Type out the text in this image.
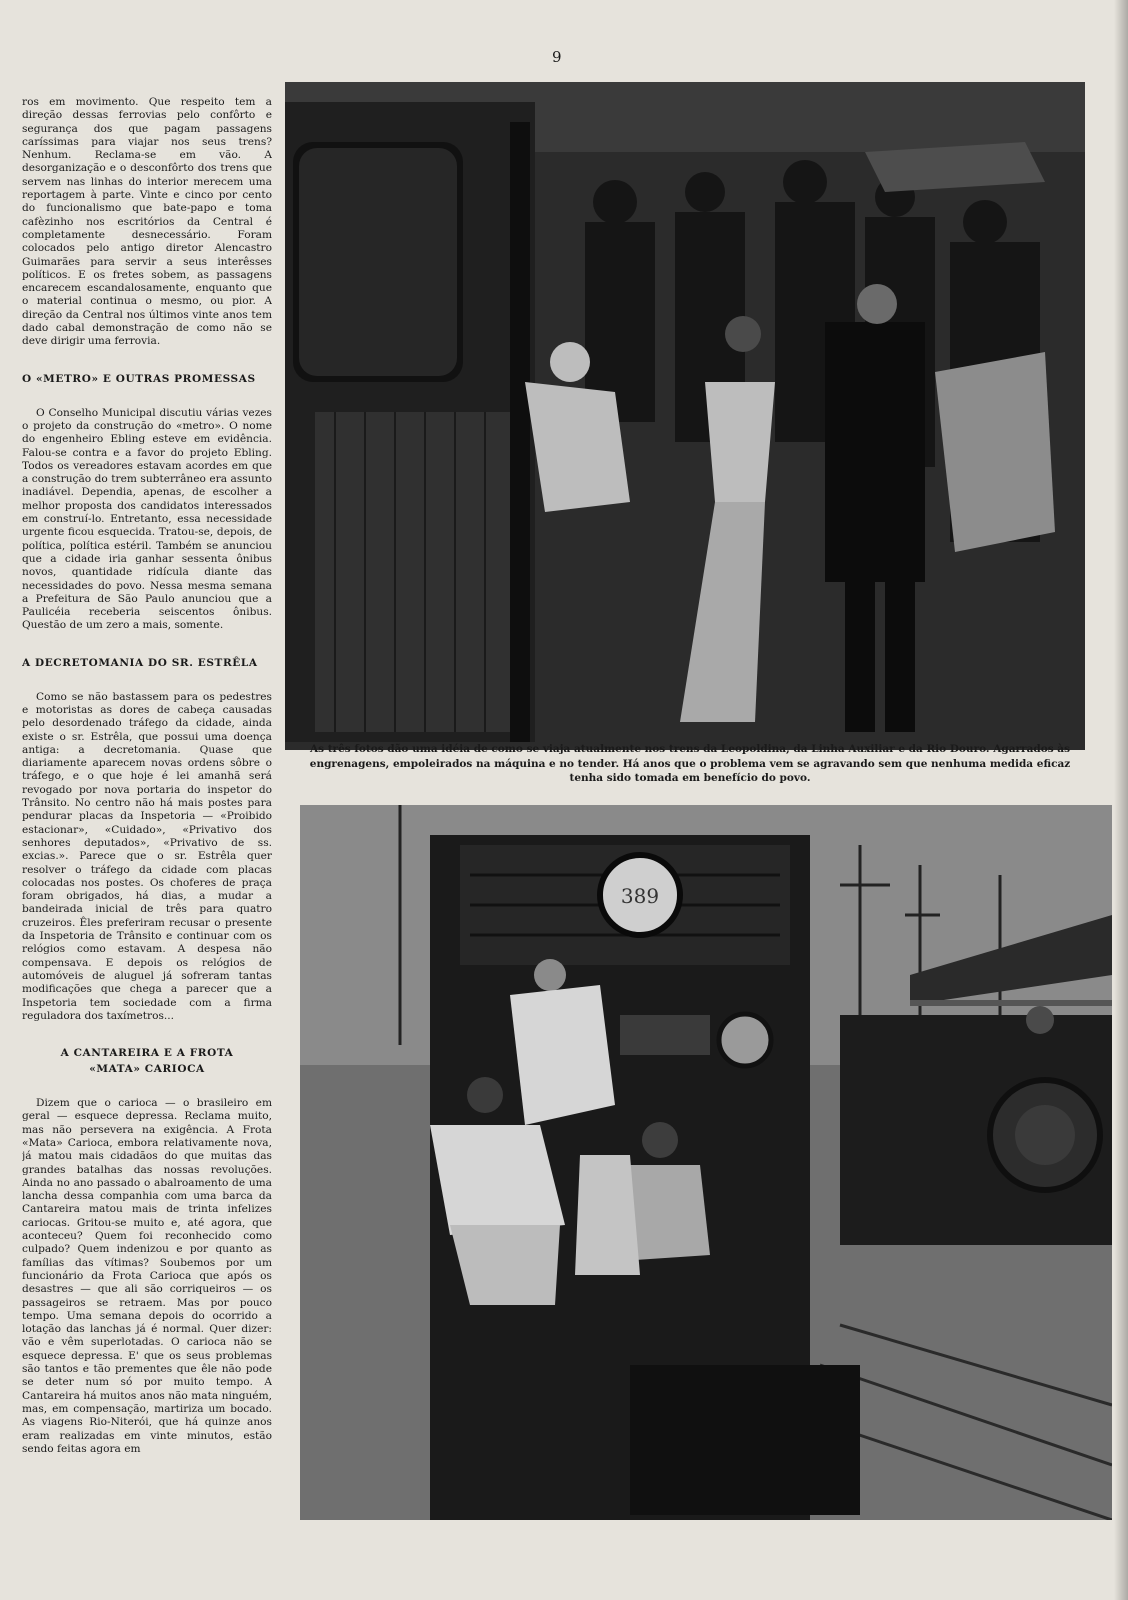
9

ros em movimento. Que respeito tem a direção dessas ferrovias pelo confôrto e segurança dos que pagam passagens caríssimas para viajar nos seus trens? Nenhum. Reclama-se em vão. A desorganização e o desconfôrto dos trens que servem nas linhas do interior merecem uma reportagem à parte. Vinte e cinco por cento do funcionalismo que bate-papo e toma cafèzinho nos escritórios da Central é completamente desnecessário. Foram colocados pelo antigo diretor Alencastro Guimarães para servir a seus interêsses políticos. E os fretes sobem, as passagens encarecem escandalosamente, enquanto que o material continua o mesmo, ou pior. A direção da Central nos últimos vinte anos tem dado cabal demonstração de como não se deve dirigir uma ferrovia.

O «METRO» E OUTRAS PROMESSAS

O Conselho Municipal discutiu várias vezes o projeto da construção do «metro». O nome do engenheiro Ebling esteve em evidência. Falou-se contra e a favor do projeto Ebling. Todos os vereadores estavam acordes em que a construção do trem subterrâneo era assunto inadiável. Dependia, apenas, de escolher a melhor proposta dos candidatos interessados em construí-lo. Entretanto, essa necessidade urgente ficou esquecida. Tratou-se, depois, de política, política estéril. Também se anunciou que a cidade iria ganhar sessenta ônibus novos, quantidade ridícula diante das necessidades do povo. Nessa mesma semana a Prefeitura de São Paulo anunciou que a Paulicéia receberia seiscentos ônibus. Questão de um zero a mais, somente.

A DECRETOMANIA DO SR. ESTRÊLA

Como se não bastassem para os pedestres e motoristas as dores de cabeça causadas pelo desordenado tráfego da cidade, ainda existe o sr. Estrêla, que possui uma doença antiga: a decretomania. Quase que diariamente aparecem novas ordens sôbre o tráfego, e o que hoje é lei amanhã será revogado por nova portaria do inspetor do Trânsito. No centro não há mais postes para pendurar placas da Inspetoria — «Proibido estacionar», «Cuidado», «Privativo dos senhores deputados», «Privativo de ss. excias.». Parece que o sr. Estrêla quer resolver o tráfego da cidade com placas colocadas nos postes. Os choferes de praça foram obrigados, há dias, a mudar a bandeirada inicial de três para quatro cruzeiros. Êles preferiram recusar o presente da Inspetoria de Trânsito e continuar com os relógios como estavam. A despesa não compensava. E depois os relógios de automóveis de aluguel já sofreram tantas modificações que chega a parecer que a Inspetoria tem sociedade com a firma reguladora dos taxímetros...

A CANTAREIRA E A FROTA
«MATA» CARIOCA

Dizem que o carioca — o brasileiro em geral — esquece depressa. Reclama muito, mas não persevera na exigência. A Frota «Mata» Carioca, embora relativamente nova, já matou mais cidadãos do que muitas das grandes batalhas das nossas revoluções. Ainda no ano passado o abalroamento de uma lancha dessa companhia com uma barca da Cantareira matou mais de trinta infelizes cariocas. Gritou-se muito e, até agora, que aconteceu? Quem foi reconhecido como culpado? Quem indenizou e por quanto as famílias das vítimas? Soubemos por um funcionário da Frota Carioca que após os desastres — que ali são corriqueiros — os passageiros se retraem. Mas por pouco tempo. Uma semana depois do ocorrido a lotação das lanchas já é normal. Quer dizer: vão e vêm superlotadas. O carioca não se esquece depressa. E' que os seus problemas são tantos e tão prementes que êle não pode se deter num só por muito tempo. A Cantareira há muitos anos não mata ninguém, mas, em compensação, martiriza um bocado. As viagens Rio-Niterói, que há quinze anos eram realizadas em vinte minutos, estão sendo feitas agora em

As três fotos dão uma idéia de como se viaja atualmente nos trens da Leopoldina, da Linha Auxiliar e da Rio Douro. Agarrados às engrenagens, empoleirados na máquina e no tender. Há anos que o problema vem se agravando sem que nenhuma medida eficaz tenha sido tomada em benefício do povo.
389
